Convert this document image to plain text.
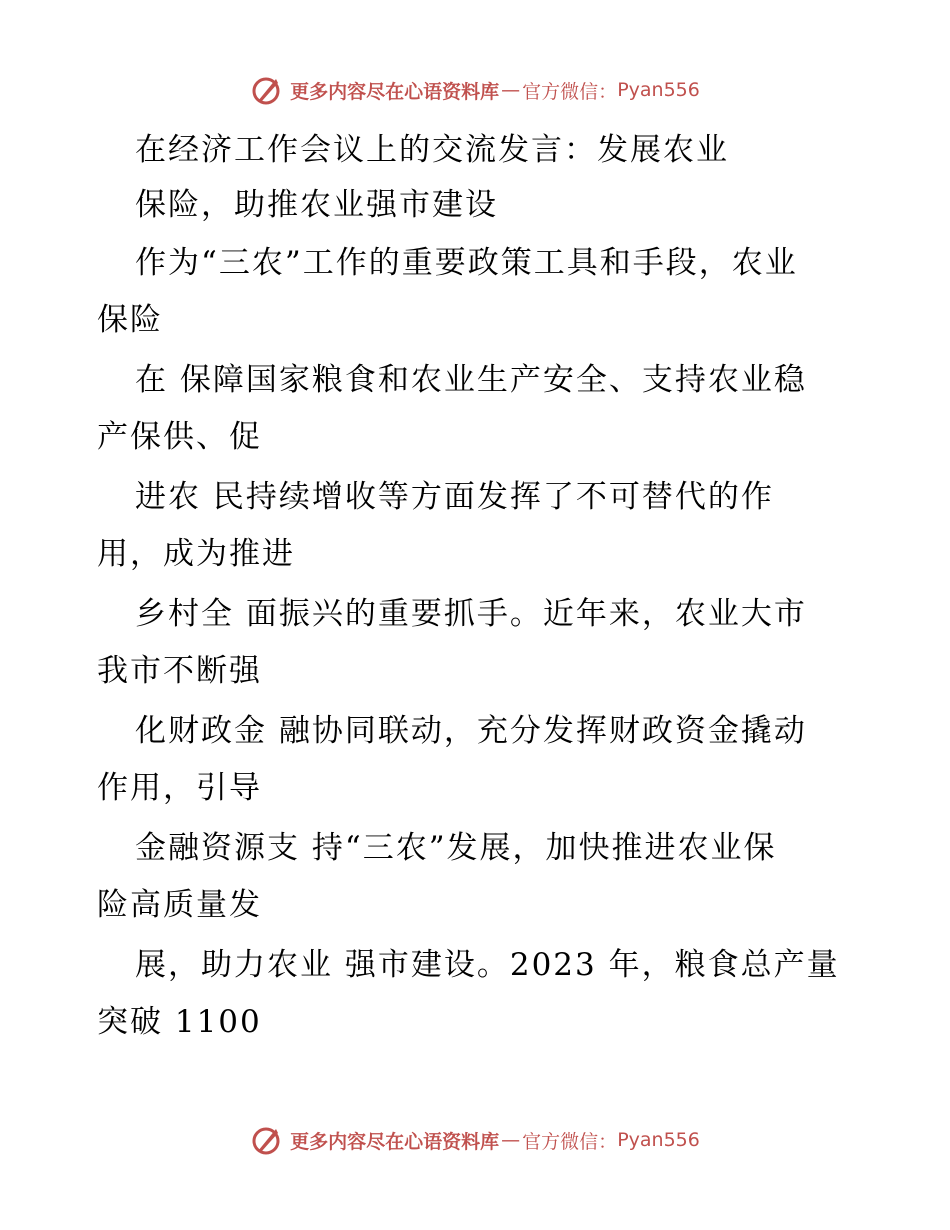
更多内容尽在心语资料库 — 官方微信： Pyan556
在经济工作会议上的交流发言：发展农业
保险，助推农业强市建设
作为“三农”工作的重要政策工具和手段，农业
保险
在 保障国家粮食和农业生产安全、支持农业稳
产保供、促
进农 民持续增收等方面发挥了不可替代的作
用，成为推进
乡村全 面振兴的重要抓手。近年来，农业大市
我市不断强
化财政金 融协同联动，充分发挥财政资金撬动
作用，引导
金融资源支 持“三农”发展，加快推进农业保
险高质量发
展，助力农业 强市建设。2023 年，粮食总产量
突破 1100
更多内容尽在心语资料库 — 官方微信： Pyan556
